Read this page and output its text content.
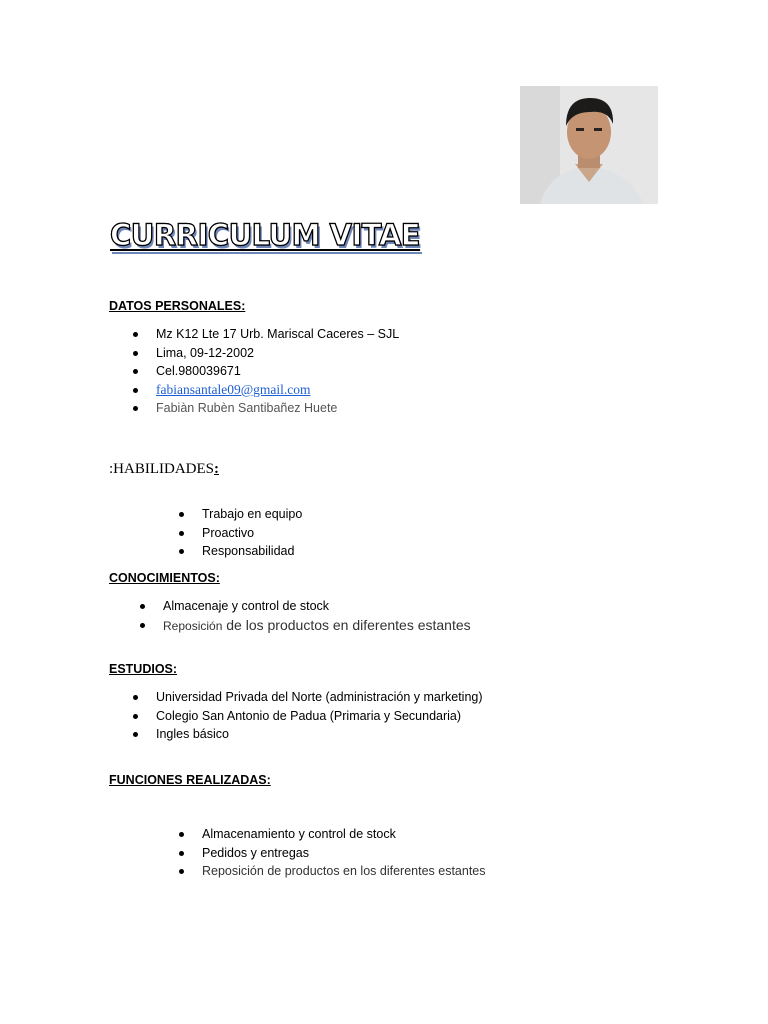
CURRICULUM VITAE
DATOS PERSONALES:
Mz K12 Lte 17 Urb. Mariscal Caceres – SJL
Lima, 09-12-2002
Cel.980039671
fabiansantale09@gmail.com
Fabiàn Rubèn Santibañez Huete
:HABILIDADES:
Trabajo en equipo
Proactivo
Responsabilidad
CONOCIMIENTOS:
Almacenaje y control de stock
Reposición de los productos en diferentes estantes
ESTUDIOS:
Universidad Privada del Norte (administración y marketing)
Colegio San Antonio de Padua (Primaria y Secundaria)
Ingles básico
FUNCIONES REALIZADAS:
Almacenamiento y control de stock
Pedidos y entregas
Reposición de productos en los diferentes estantes
